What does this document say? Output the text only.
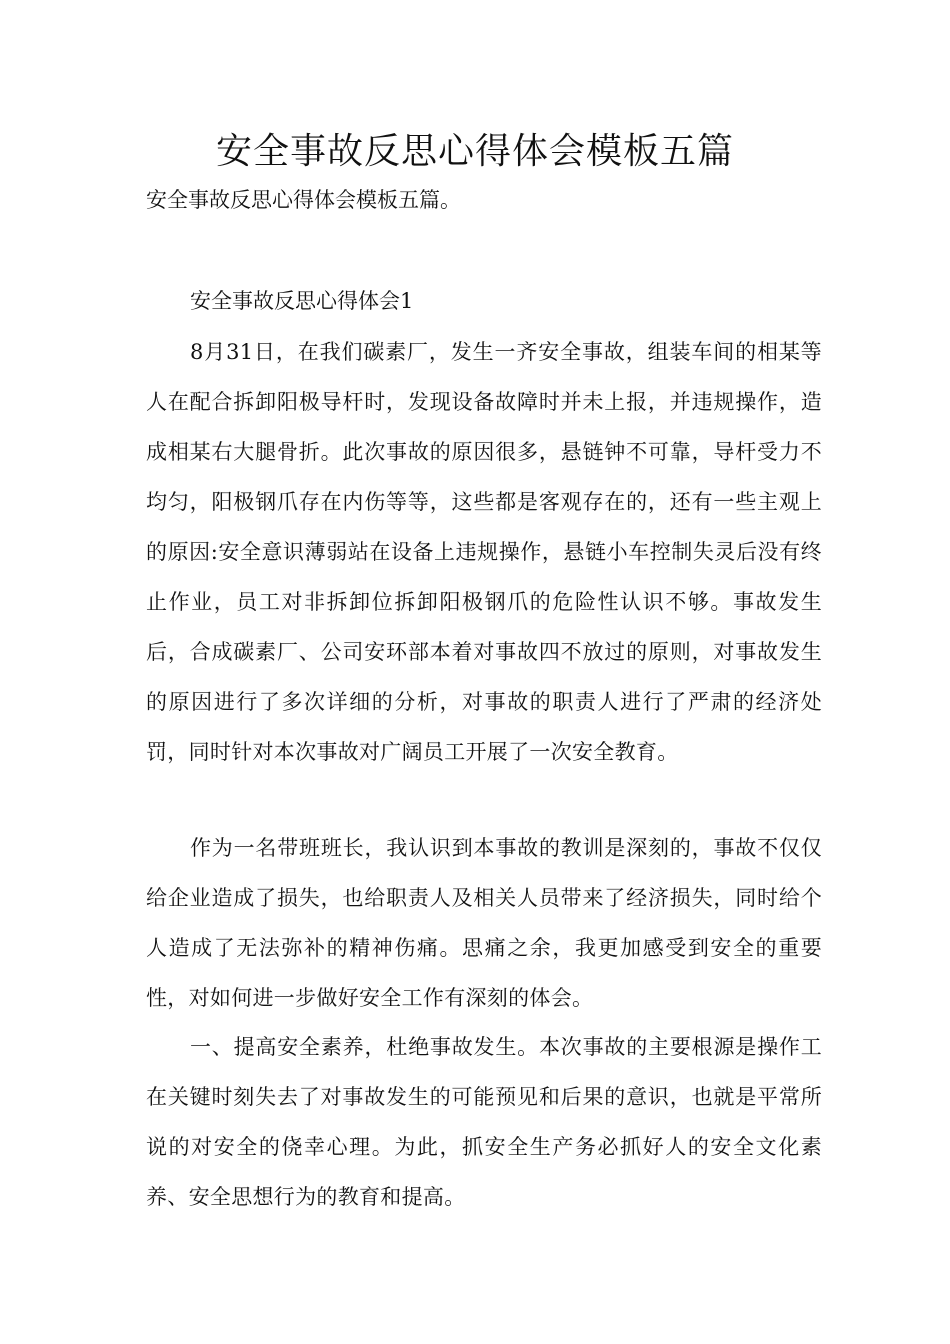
安全事故反思心得体会模板五篇

安全事故反思心得体会模板五篇。

安全事故反思心得体会1

8月31日，在我们碳素厂，发生一齐安全事故，组装车间的相某等人在配合拆卸阳极导杆时，发现设备故障时并未上报，并违规操作，造成相某右大腿骨折。此次事故的原因很多，悬链钟不可靠，导杆受力不均匀，阳极钢爪存在内伤等等，这些都是客观存在的，还有一些主观上的原因:安全意识薄弱站在设备上违规操作，悬链小车控制失灵后没有终止作业，员工对非拆卸位拆卸阳极钢爪的危险性认识不够。事故发生后，合成碳素厂、公司安环部本着对事故四不放过的原则，对事故发生的原因进行了多次详细的分析，对事故的职责人进行了严肃的经济处罚，同时针对本次事故对广阔员工开展了一次安全教育。

作为一名带班班长，我认识到本事故的教训是深刻的，事故不仅仅给企业造成了损失，也给职责人及相关人员带来了经济损失，同时给个人造成了无法弥补的精神伤痛。思痛之余，我更加感受到安全的重要性，对如何进一步做好安全工作有深刻的体会。

一、提高安全素养，杜绝事故发生。本次事故的主要根源是操作工在关键时刻失去了对事故发生的可能预见和后果的意识，也就是平常所说的对安全的侥幸心理。为此，抓安全生产务必抓好人的安全文化素养、安全思想行为的教育和提高。
